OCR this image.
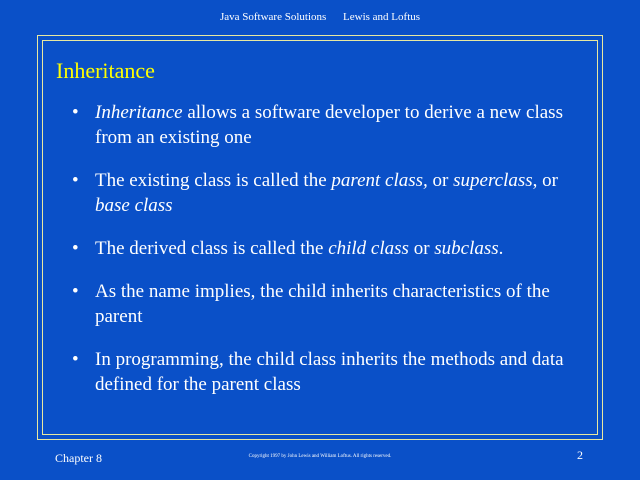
Java Software Solutions Lewis and Loftus
Inheritance
• Inheritance allows a software developer to derive a new class from an existing one
• The existing class is called the parent class, or superclass, or base class
• The derived class is called the child class or subclass.
• As the name implies, the child inherits characteristics of the parent
• In programming, the child class inherits the methods and data defined for the parent class
Chapter 8	Copyright 1997 by John Lewis and William Loftus. All rights reserved.	2
